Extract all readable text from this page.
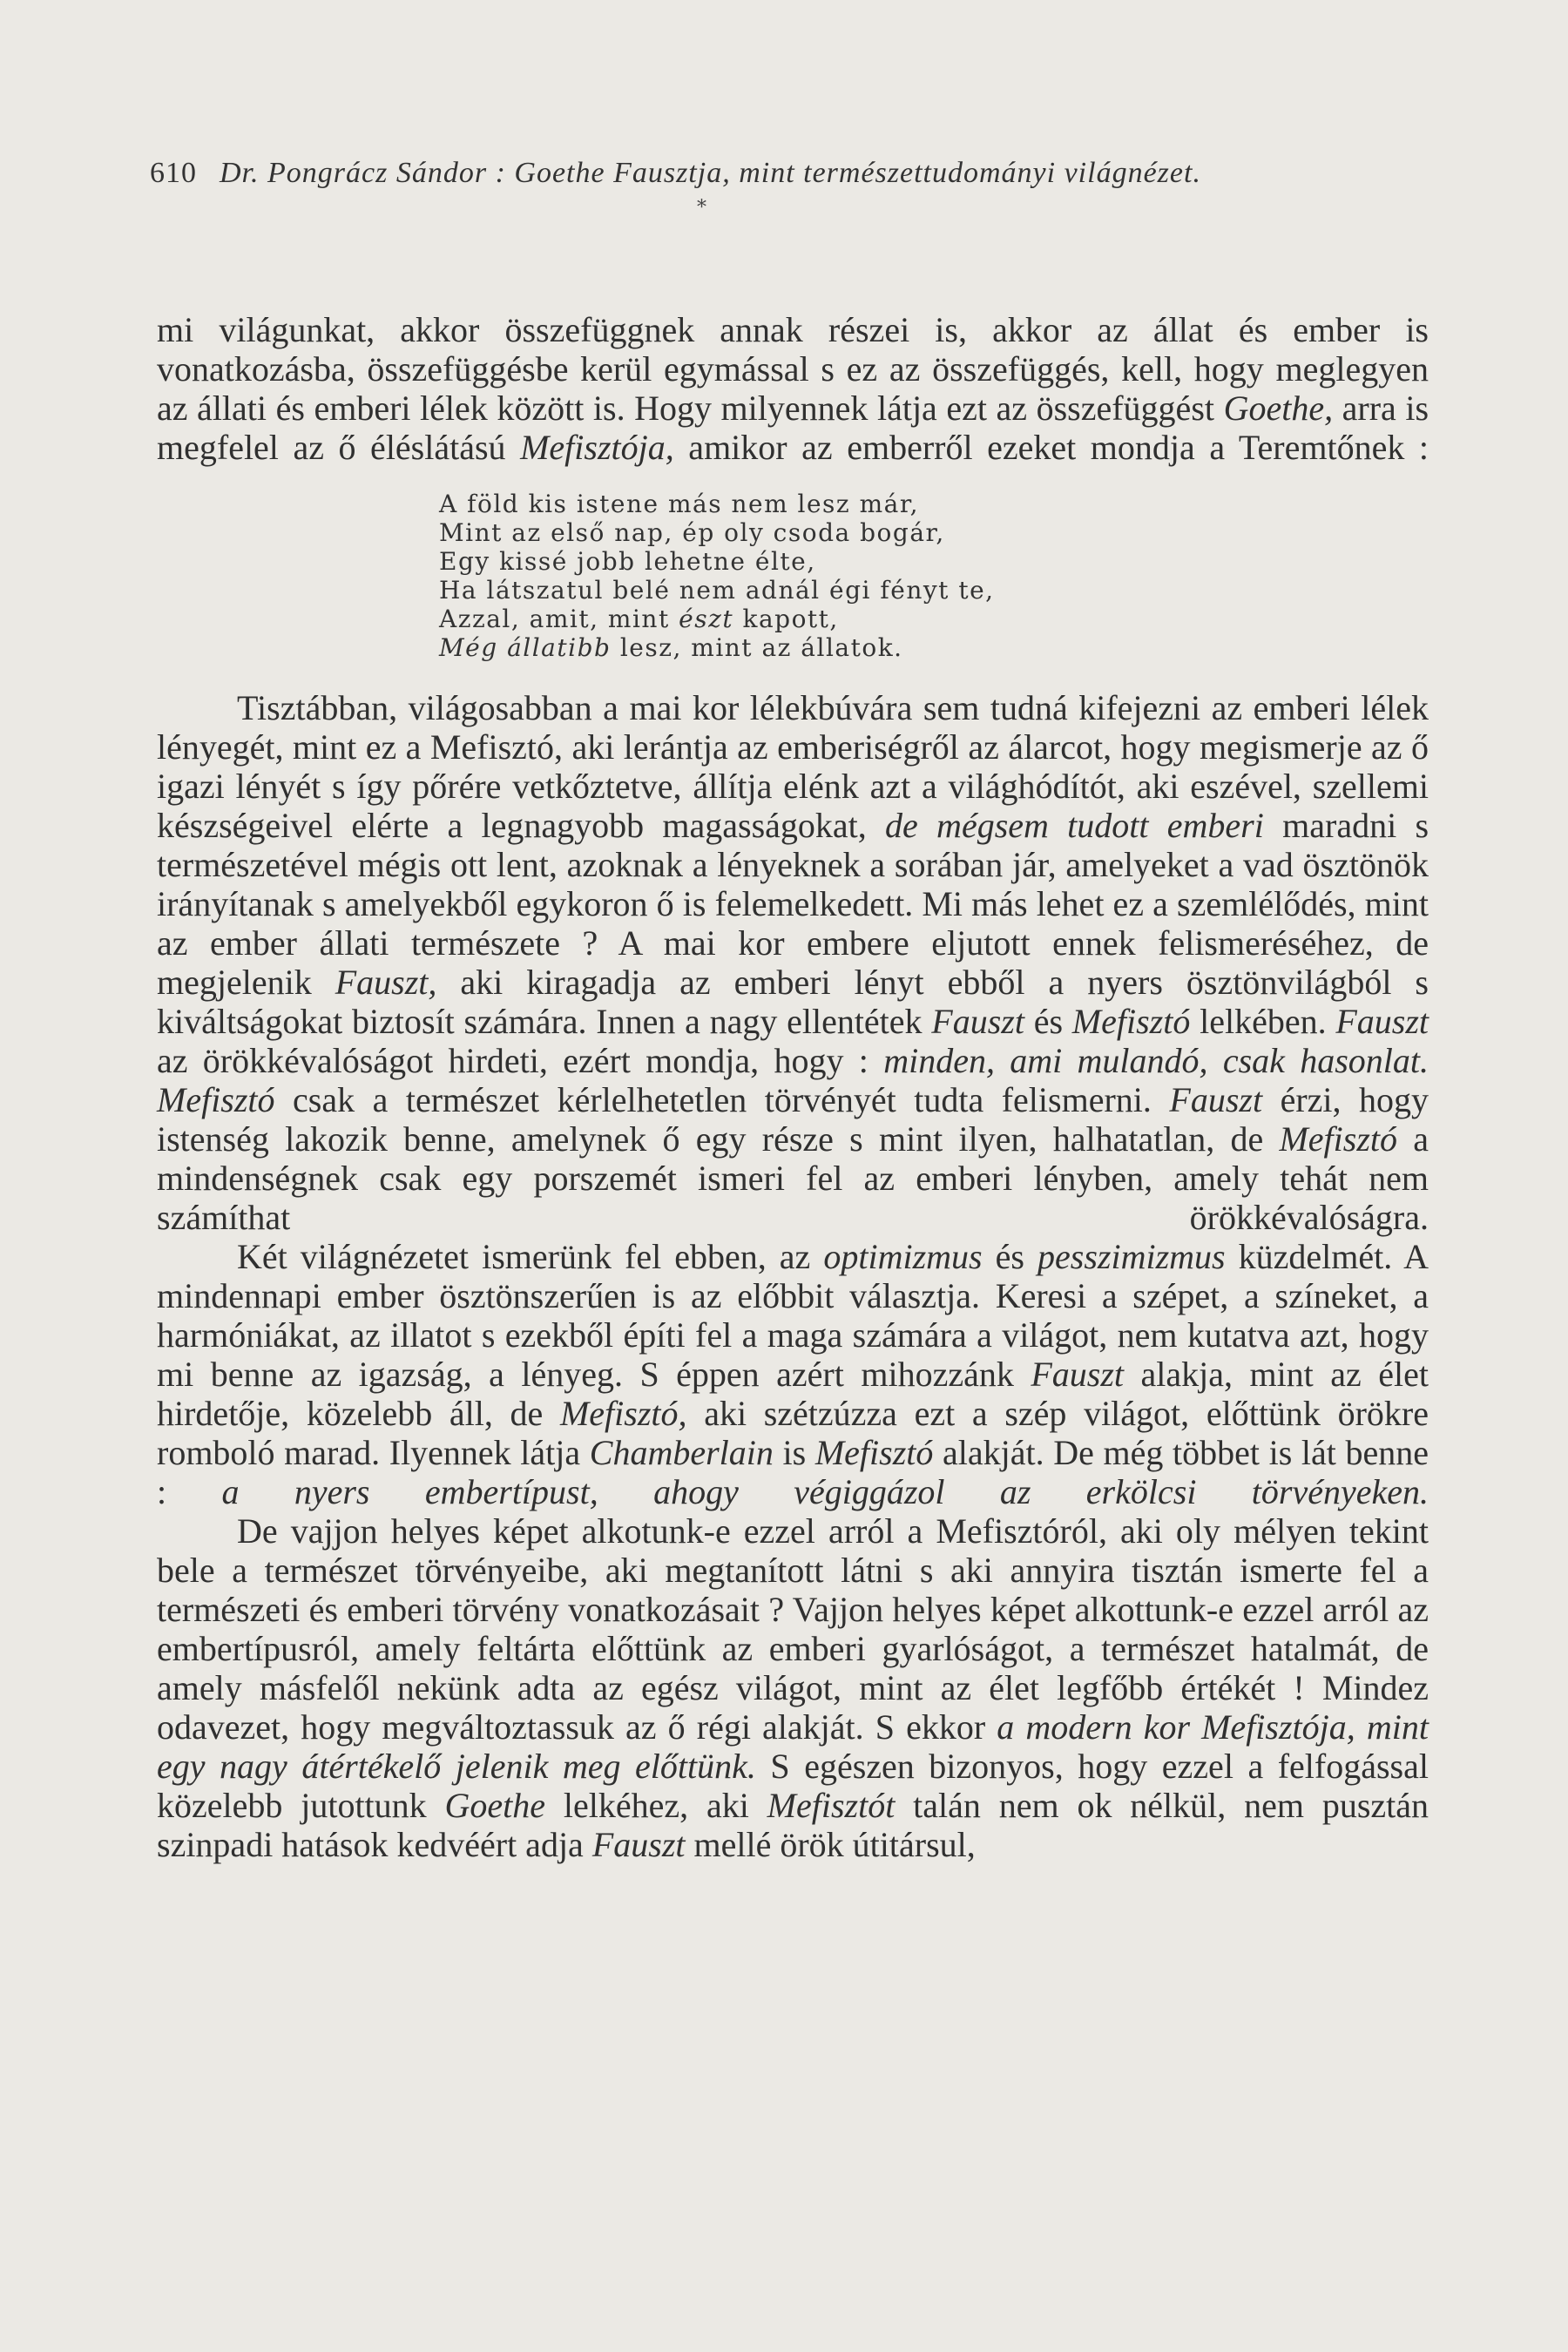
610 Dr. Pongrácz Sándor : Goethe Fausztja, mint természettudományi világnézet.
*

mi világunkat, akkor összefüggnek annak részei is, akkor az állat és ember is vonatkozásba, összefüggésbe kerül egymással s ez az összefüggés, kell, hogy meglegyen az állati és emberi lélek között is. Hogy milyennek látja ezt az összefüggést Goethe, arra is megfelel az ő éléslátású Mefisztója, amikor az emberről ezeket mondja a Teremtőnek :

A föld kis istene más nem lesz már,
Mint az első nap, ép oly csoda bogár,
Egy kissé jobb lehetne élte,
Ha látszatul belé nem adnál égi fényt te,
Azzal, amit, mint észt kapott,
Még állatibb lesz, mint az állatok.

Tisztábban, világosabban a mai kor lélekbúvára sem tudná kifejezni az emberi lélek lényegét, mint ez a Mefisztó, aki lerántja az emberiségről az álarcot, hogy megismerje az ő igazi lényét s így pőrére vetkőztetve, állítja elénk azt a világhódítót, aki eszével, szellemi készségeivel elérte a legnagyobb magasságokat, de mégsem tudott emberi maradni s természetével mégis ott lent, azoknak a lényeknek a sorában jár, amelyeket a vad ösztönök irányítanak s amelyekből egykoron ő is felemelkedett. Mi más lehet ez a szemlélődés, mint az ember állati természete ? A mai kor embere eljutott ennek felismeréséhez, de megjelenik Fauszt, aki kiragadja az emberi lényt ebből a nyers ösztönvilágból s kiváltságokat biztosít számára. Innen a nagy ellentétek Fauszt és Mefisztó lelkében. Fauszt az örökkévalóságot hirdeti, ezért mondja, hogy : minden, ami mulandó, csak hasonlat. Mefisztó csak a természet kérlelhetetlen törvényét tudta felismerni. Fauszt érzi, hogy istenség lakozik benne, amelynek ő egy része s mint ilyen, halhatatlan, de Mefisztó a mindenségnek csak egy porszemét ismeri fel az emberi lényben, amely tehát nem számíthat örökkévalóságra.

Két világnézetet ismerünk fel ebben, az optimizmus és pesszimizmus küzdelmét. A mindennapi ember ösztönszerűen is az előbbit választja. Keresi a szépet, a színeket, a harmóniákat, az illatot s ezekből építi fel a maga számára a világot, nem kutatva azt, hogy mi benne az igazság, a lényeg. S éppen azért mihozzánk Fauszt alakja, mint az élet hirdetője, közelebb áll, de Mefisztó, aki szétzúzza ezt a szép világot, előttünk örökre romboló marad. Ilyennek látja Chamberlain is Mefisztó alakját. De még többet is lát benne : a nyers embertípust, ahogy végiggázol az erkölcsi törvényeken.

De vajjon helyes képet alkotunk-e ezzel arról a Mefisztóról, aki oly mélyen tekint bele a természet törvényeibe, aki megtanított látni s aki annyira tisztán ismerte fel a természeti és emberi törvény vonatkozásait ? Vajjon helyes képet alkottunk-e ezzel arról az embertípusról, amely feltárta előttünk az emberi gyarlóságot, a természet hatalmát, de amely másfelől nekünk adta az egész világot, mint az élet legfőbb értékét ! Mindez odavezet, hogy megváltoztassuk az ő régi alakját. S ekkor a modern kor Mefisztója, mint egy nagy átértékelő jelenik meg előttünk. S egészen bizonyos, hogy ezzel a felfogással közelebb jutottunk Goethe lelkéhez, aki Mefisztót talán nem ok nélkül, nem pusztán szinpadi hatások kedvéért adja Fauszt mellé örök útitársul,
